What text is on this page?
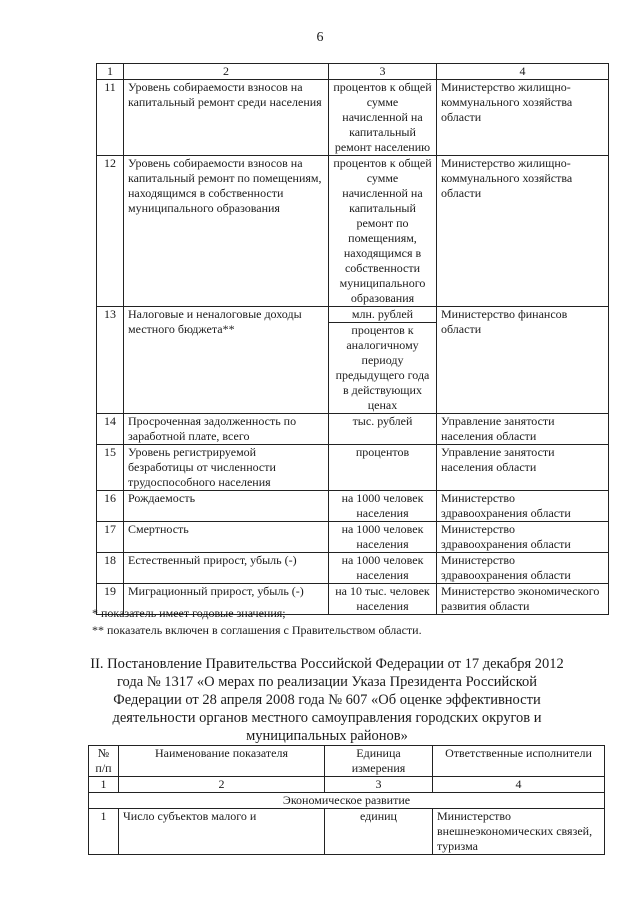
6
1	2	3	4
11	Уровень собираемости взносов на капитальный ремонт среди населения	процентов к общей сумме начисленной на капитальный ремонт населению	Министерство жилищно-коммунального хозяйства области
12	Уровень собираемости взносов на капитальный ремонт по помещениям, находящимся в собственности муниципального образования	процентов к общей сумме начисленной на капитальный ремонт по помещениям, находящимся в собственности муниципального образования	Министерство жилищно-коммунального хозяйства области
13	Налоговые и неналоговые доходы местного бюджета**	млн. рублей	Министерство финансов области
		процентов к аналогичному периоду предыдущего года в действующих ценах	
14	Просроченная задолженность по заработной плате, всего	тыс. рублей	Управление занятости населения области
15	Уровень регистрируемой безработицы от численности трудоспособного населения	процентов	Управление занятости населения области
16	Рождаемость	на 1000 человек населения	Министерство здравоохранения области
17	Смертность	на 1000 человек населения	Министерство здравоохранения области
18	Естественный прирост, убыль (-)	на 1000 человек населения	Министерство здравоохранения области
19	Миграционный прирост, убыль (-)	на 10 тыс. человек населения	Министерство экономического развития области
* показатель имеет годовые значения;
** показатель включен в соглашения с Правительством области.
II. Постановление Правительства Российской Федерации от 17 декабря 2012 года № 1317 «О мерах по реализации Указа Президента Российской Федерации от 28 апреля 2008 года № 607 «Об оценке эффективности деятельности органов местного самоуправления городских округов и муниципальных районов»
№ п/п	Наименование показателя	Единица измерения	Ответственные исполнители
1	2	3	4
Экономическое развитие			
1	Число субъектов малого и	единиц	Министерство внешнеэкономических связей, туризма
